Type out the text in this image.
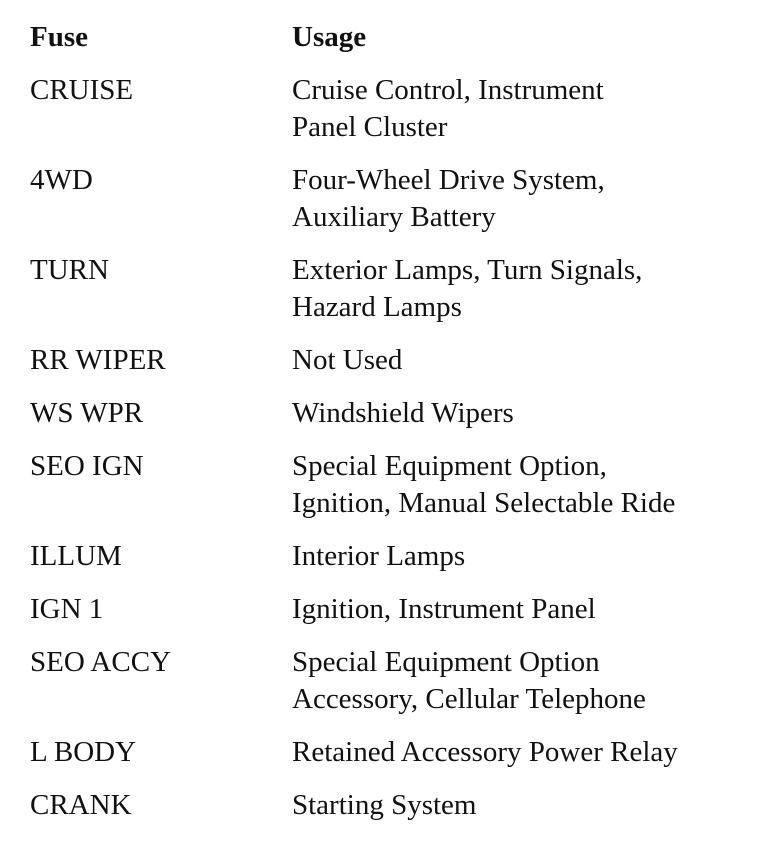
Fuse	Usage
CRUISE	Cruise Control, Instrument
Panel Cluster
4WD	Four-Wheel Drive System,
Auxiliary Battery
TURN	Exterior Lamps, Turn Signals,
Hazard Lamps
RR WIPER	Not Used
WS WPR	Windshield Wipers
SEO IGN	Special Equipment Option,
Ignition, Manual Selectable Ride
ILLUM	Interior Lamps
IGN 1	Ignition, Instrument Panel
SEO ACCY	Special Equipment Option
Accessory, Cellular Telephone
L BODY	Retained Accessory Power Relay
CRANK	Starting System
